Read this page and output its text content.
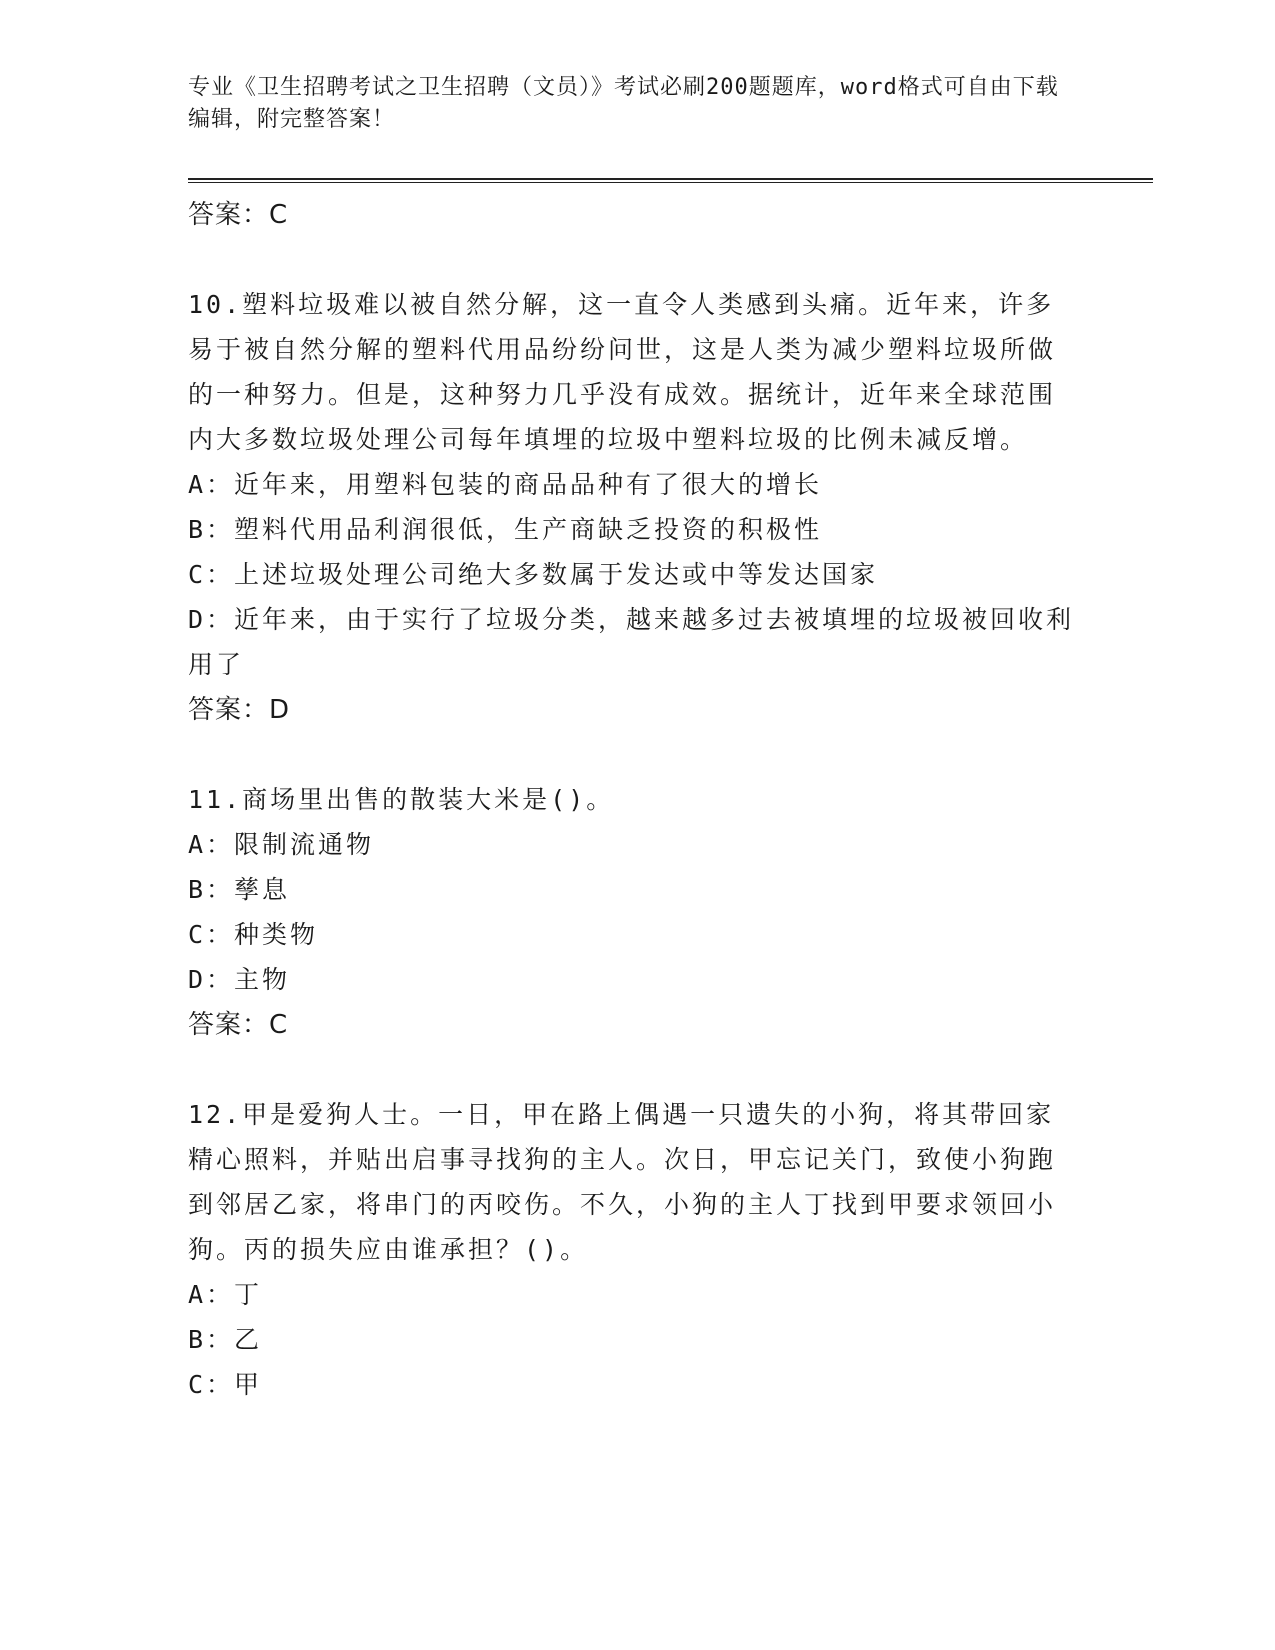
专业《卫生招聘考试之卫生招聘（文员）》考试必刷200题题库，word格式可自由下载编辑，附完整答案！

答案：C

10.塑料垃圾难以被自然分解，这一直令人类感到头痛。近年来，许多易于被自然分解的塑料代用品纷纷问世，这是人类为减少塑料垃圾所做的一种努力。但是，这种努力几乎没有成效。据统计，近年来全球范围内大多数垃圾处理公司每年填埋的垃圾中塑料垃圾的比例未减反增。

A：近年来，用塑料包装的商品品种有了很大的增长
B：塑料代用品利润很低，生产商缺乏投资的积极性
C：上述垃圾处理公司绝大多数属于发达或中等发达国家
D：近年来，由于实行了垃圾分类，越来越多过去被填埋的垃圾被回收利用了

答案：D

11.商场里出售的散装大米是()。

A：限制流通物
B：孳息
C：种类物
D：主物

答案：C

12.甲是爱狗人士。一日，甲在路上偶遇一只遗失的小狗，将其带回家精心照料，并贴出启事寻找狗的主人。次日，甲忘记关门，致使小狗跑到邻居乙家，将串门的丙咬伤。不久，小狗的主人丁找到甲要求领回小狗。丙的损失应由谁承担？()。

A：丁
B：乙
C：甲
